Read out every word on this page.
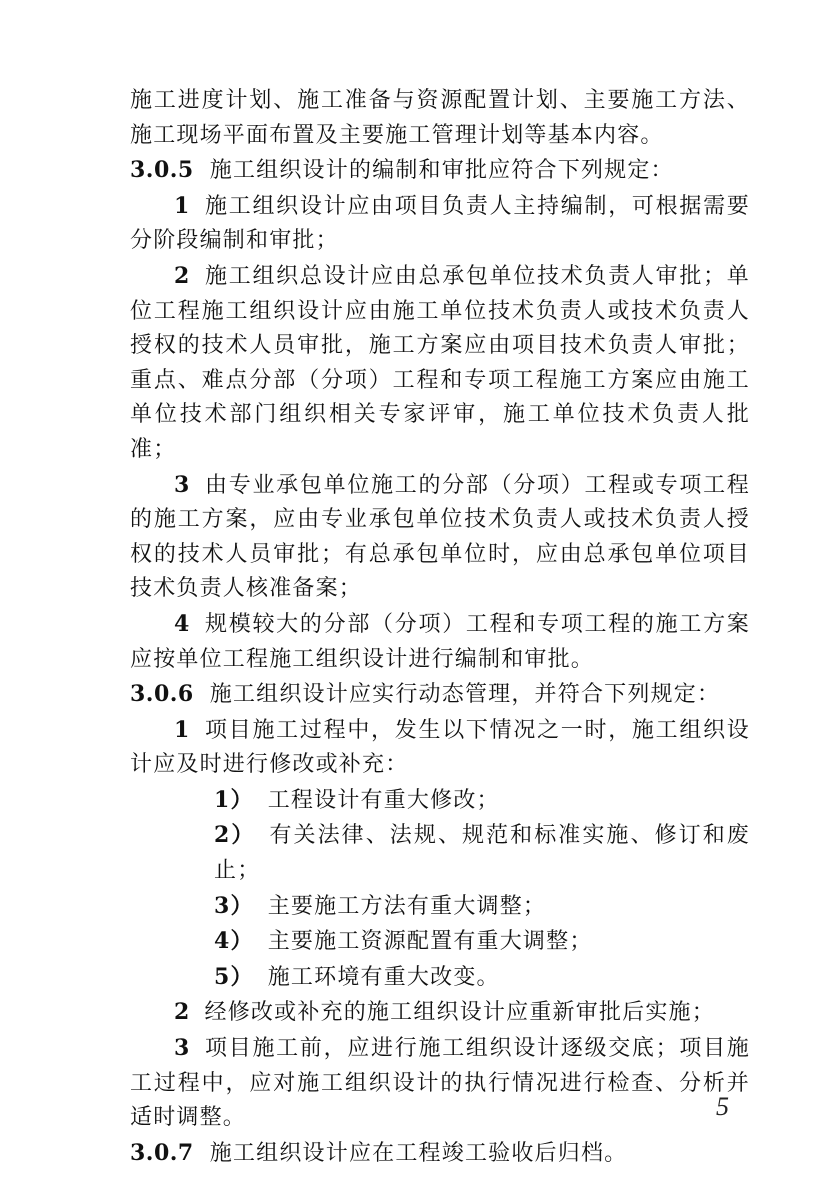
施工进度计划、施工准备与资源配置计划、主要施工方法、施工现场平面布置及主要施工管理计划等基本内容。
3.0.5 施工组织设计的编制和审批应符合下列规定：
1 施工组织设计应由项目负责人主持编制，可根据需要分阶段编制和审批；
2 施工组织总设计应由总承包单位技术负责人审批；单位工程施工组织设计应由施工单位技术负责人或技术负责人授权的技术人员审批，施工方案应由项目技术负责人审批；重点、难点分部（分项）工程和专项工程施工方案应由施工单位技术部门组织相关专家评审，施工单位技术负责人批准；
3 由专业承包单位施工的分部（分项）工程或专项工程的施工方案，应由专业承包单位技术负责人或技术负责人授权的技术人员审批；有总承包单位时，应由总承包单位项目技术负责人核准备案；
4 规模较大的分部（分项）工程和专项工程的施工方案应按单位工程施工组织设计进行编制和审批。
3.0.6 施工组织设计应实行动态管理，并符合下列规定：
1 项目施工过程中，发生以下情况之一时，施工组织设计应及时进行修改或补充：
1） 工程设计有重大修改；
2） 有关法律、法规、规范和标准实施、修订和废止；
3） 主要施工方法有重大调整；
4） 主要施工资源配置有重大调整；
5） 施工环境有重大改变。
2 经修改或补充的施工组织设计应重新审批后实施；
3 项目施工前，应进行施工组织设计逐级交底；项目施工过程中，应对施工组织设计的执行情况进行检查、分析并适时调整。
3.0.7 施工组织设计应在工程竣工验收后归档。
5
